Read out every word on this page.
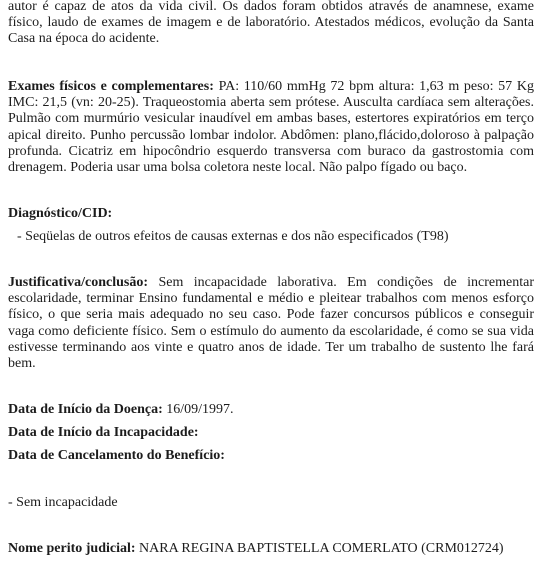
autor é capaz de atos da vida civil. Os dados foram obtidos através de anamnese, exame físico, laudo de exames de imagem e de laboratório. Atestados médicos, evolução da Santa Casa na época do acidente.

Exames físicos e complementares: PA: 110/60 mmHg 72 bpm altura: 1,63 m peso: 57 Kg IMC: 21,5 (vn: 20-25). Traqueostomia aberta sem prótese. Ausculta cardíaca sem alterações. Pulmão com murmúrio vesicular inaudível em ambas bases, estertores expiratórios em terço apical direito. Punho percussão lombar indolor. Abdômen: plano,flácido,doloroso à palpação profunda. Cicatriz em hipocôndrio esquerdo transversa com buraco da gastrostomia com drenagem. Poderia usar uma bolsa coletora neste local. Não palpo fígado ou baço.

Diagnóstico/CID:

- Seqüelas de outros efeitos de causas externas e dos não especificados (T98)

Justificativa/conclusão: Sem incapacidade laborativa. Em condições de incrementar escolaridade, terminar Ensino fundamental e médio e pleitear trabalhos com menos esforço físico, o que seria mais adequado no seu caso. Pode fazer concursos públicos e conseguir vaga como deficiente físico. Sem o estímulo do aumento da escolaridade, é como se sua vida estivesse terminando aos vinte e quatro anos de idade. Ter um trabalho de sustento lhe fará bem.

Data de Início da Doença: 16/09/1997.

Data de Início da Incapacidade:

Data de Cancelamento do Benefício:

- Sem incapacidade

Nome perito judicial: NARA REGINA BAPTISTELLA COMERLATO (CRM012724)
